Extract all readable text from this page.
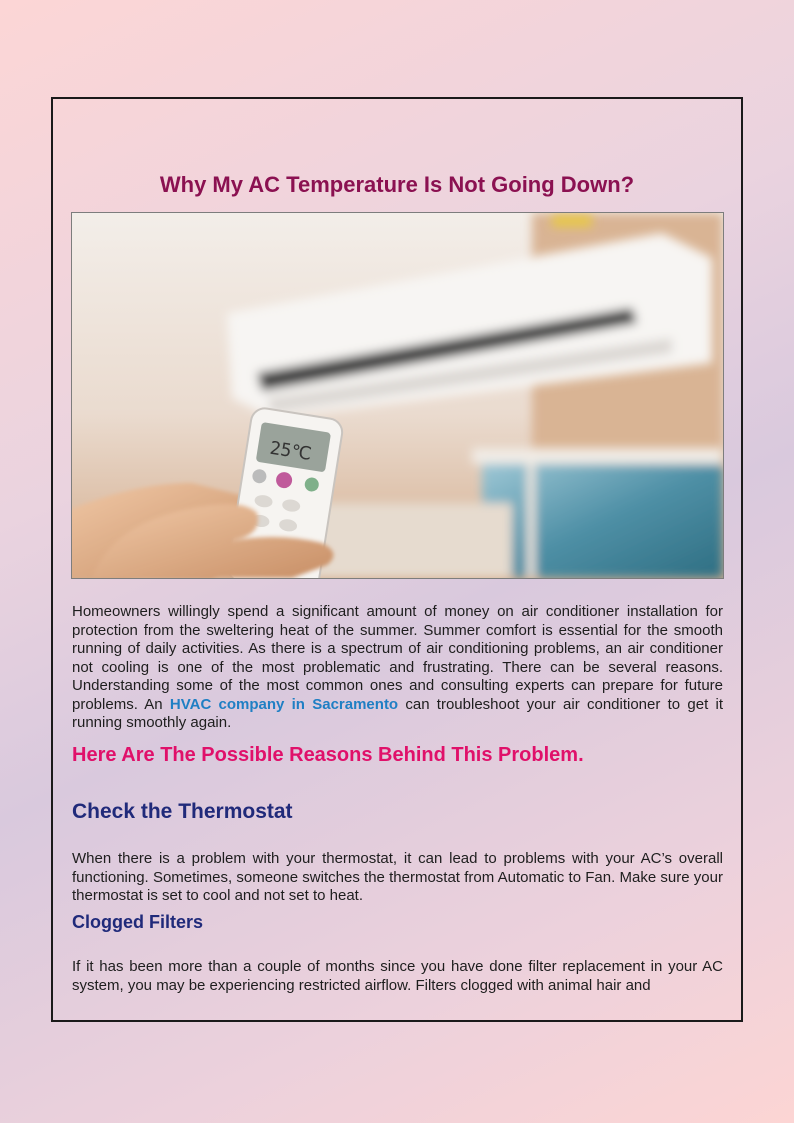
Why My AC Temperature Is Not Going Down?
25℃

Homeowners willingly spend a significant amount of money on air conditioner installation for protection from the sweltering heat of the summer. Summer comfort is essential for the smooth running of daily activities. As there is a spectrum of air conditioning problems, an air conditioner not cooling is one of the most problematic and frustrating. There can be several reasons. Understanding some of the most common ones and consulting experts can prepare for future problems. An HVAC company in Sacramento can troubleshoot your air conditioner to get it running smoothly again.

Here Are The Possible Reasons Behind This Problem.
Check the Thermostat

When there is a problem with your thermostat, it can lead to problems with your AC’s overall functioning. Sometimes, someone switches the thermostat from Automatic to Fan. Make sure your thermostat is set to cool and not set to heat.

Clogged Filters

If it has been more than a couple of months since you have done filter replacement in your AC system, you may be experiencing restricted airflow. Filters clogged with animal hair and
